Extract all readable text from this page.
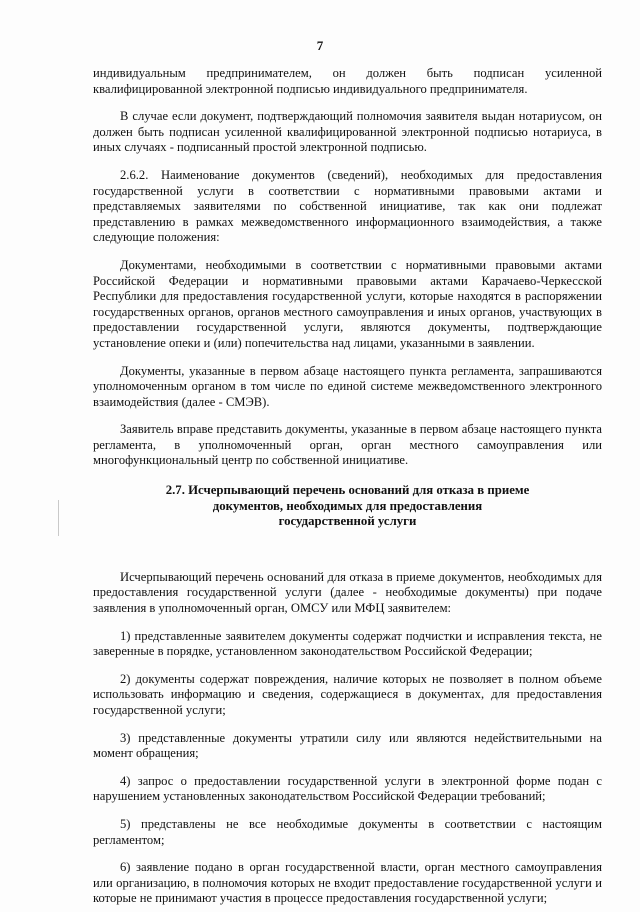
7

индивидуальным предпринимателем, он должен быть подписан усиленной квалифицированной электронной подписью индивидуального предпринимателя.

В случае если документ, подтверждающий полномочия заявителя выдан нотариусом, он должен быть подписан усиленной квалифицированной электронной подписью нотариуса, в иных случаях - подписанный простой электронной подписью.

2.6.2. Наименование документов (сведений), необходимых для предоставления государственной услуги в соответствии с нормативными правовыми актами и представляемых заявителями по собственной инициативе, так как они подлежат представлению в рамках межведомственного информационного взаимодействия, а также следующие положения:

Документами, необходимыми в соответствии с нормативными правовыми актами Российской Федерации и нормативными правовыми актами Карачаево-Черкесской Республики для предоставления государственной услуги, которые находятся в распоряжении государственных органов, органов местного самоуправления и иных органов, участвующих в предоставлении государственной услуги, являются документы, подтверждающие установление опеки и (или) попечительства над лицами, указанными в заявлении.

Документы, указанные в первом абзаце настоящего пункта регламента, запрашиваются уполномоченным органом в том числе по единой системе межведомственного электронного взаимодействия (далее - СМЭВ).

Заявитель вправе представить документы, указанные в первом абзаце настоящего пункта регламента, в уполномоченный орган, орган местного самоуправления или многофункциональный центр по собственной инициативе.

2.7. Исчерпывающий перечень оснований для отказа в приеме
документов, необходимых для предоставления
государственной услуги

Исчерпывающий перечень оснований для отказа в приеме документов, необходимых для предоставления государственной услуги (далее - необходимые документы) при подаче заявления в уполномоченный орган, ОМСУ или МФЦ заявителем:

1) представленные заявителем документы содержат подчистки и исправления текста, не заверенные в порядке, установленном законодательством Российской Федерации;

2) документы содержат повреждения, наличие которых не позволяет в полном объеме использовать информацию и сведения, содержащиеся в документах, для предоставления государственной услуги;

3) представленные документы утратили силу или являются недействительными на момент обращения;

4) запрос о предоставлении государственной услуги в электронной форме подан с нарушением установленных законодательством Российской Федерации требований;

5) представлены не все необходимые документы в соответствии с настоящим регламентом;

6) заявление подано в орган государственной власти, орган местного самоуправления или организацию, в полномочия которых не входит предоставление государственной услуги и которые не принимают участия в процессе предоставления государственной услуги;
